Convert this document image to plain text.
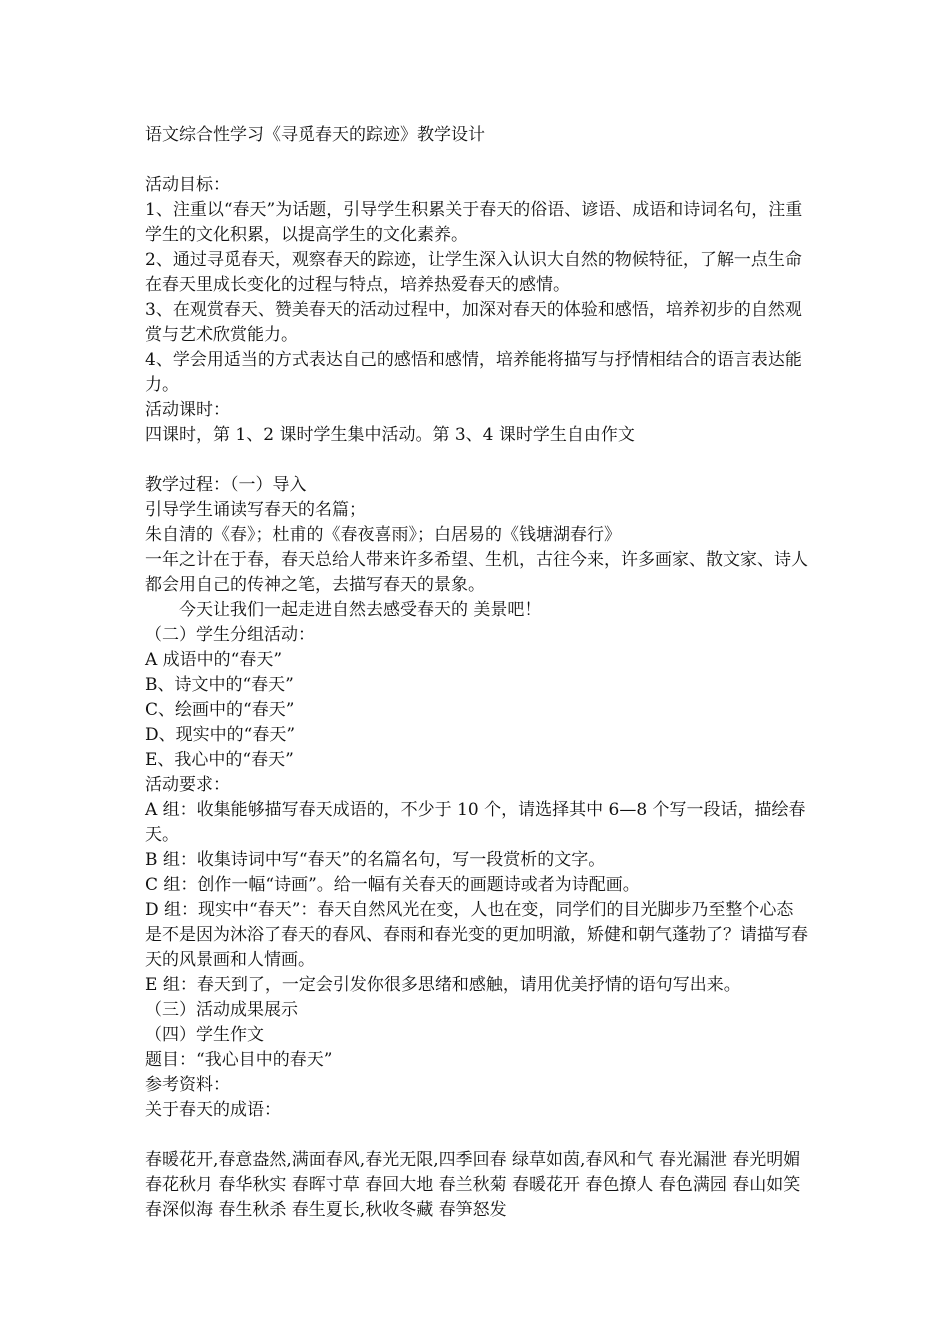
语文综合性学习《寻觅春天的踪迹》教学设计

活动目标：

1、注重以“春天”为话题，引导学生积累关于春天的俗语、谚语、成语和诗词名句，注重学生的文化积累，以提高学生的文化素养。

2、通过寻觅春天，观察春天的踪迹，让学生深入认识大自然的物候特征，了解一点生命在春天里成长变化的过程与特点，培养热爱春天的感情。

3、在观赏春天、赞美春天的活动过程中，加深对春天的体验和感悟，培养初步的自然观赏与艺术欣赏能力。

4、学会用适当的方式表达自己的感悟和感情，培养能将描写与抒情相结合的语言表达能力。

活动课时：

四课时，第 1、2 课时学生集中活动。第 3、4 课时学生自由作文

教学过程：（一）导入

引导学生诵读写春天的名篇；

朱自清的《春》；杜甫的《春夜喜雨》；白居易的《钱塘湖春行》

一年之计在于春，春天总给人带来许多希望、生机，古往今来，许多画家、散文家、诗人都会用自己的传神之笔，去描写春天的景象。

今天让我们一起走进自然去感受春天的 美景吧！

（二）学生分组活动：

A 成语中的“春天”

B、诗文中的“春天”

C、绘画中的“春天”

D、现实中的“春天”

E、我心中的“春天”

活动要求：

A 组：收集能够描写春天成语的，不少于 10 个，请选择其中 6—8 个写一段话，描绘春天。

B 组：收集诗词中写“春天”的名篇名句，写一段赏析的文字。

C 组：创作一幅“诗画”。给一幅有关春天的画题诗或者为诗配画。

D 组：现实中“春天”：春天自然风光在变，人也在变，同学们的目光脚步乃至整个心态是不是因为沐浴了春天的春风、春雨和春光变的更加明澈，矫健和朝气蓬勃了？请描写春天的风景画和人情画。

E 组：春天到了，一定会引发你很多思绪和感触，请用优美抒情的语句写出来。

（三）活动成果展示

（四）学生作文

题目：“我心目中的春天”

参考资料：

关于春天的成语：

春暖花开,春意盎然,满面春风,春光无限,四季回春 绿草如茵,春风和气 春光漏泄 春光明媚 春花秋月 春华秋实 春晖寸草 春回大地 春兰秋菊 春暖花开 春色撩人 春色满园 春山如笑 春深似海 春生秋杀 春生夏长,秋收冬藏 春笋怒发
